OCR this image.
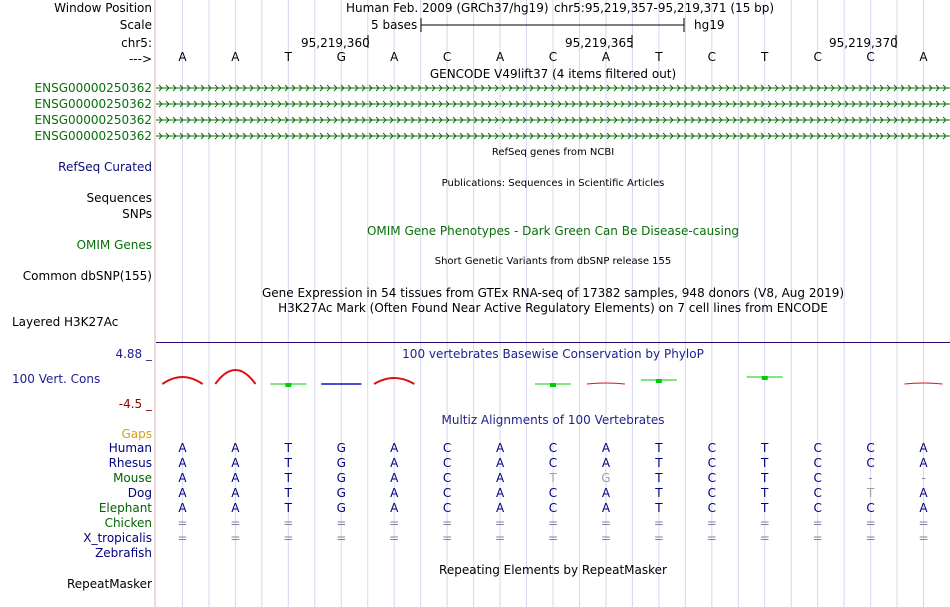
Window Position
Scale
chr5:
--->
ENSG00000250362
ENSG00000250362
ENSG00000250362
ENSG00000250362
RefSeq Curated
Sequences
SNPs
OMIM Genes
Common dbSNP(155)
Layered H3K27Ac
4.88 _
100 Vert. Cons
-4.5 _
Gaps
RepeatMasker
Human Feb. 2009 (GRCh37/hg19) chr5:95,219,357-95,219,371 (15 bp)
5 bases	hg19
95,219,360	95,219,365	95,219,370
A	A	T	G	A	C	A	C	A	T	C	T	C	C	A
GENCODE V49lift37 (4 items filtered out)
RefSeq genes from NCBI
Publications: Sequences in Scientific Articles
OMIM Gene Phenotypes - Dark Green Can Be Disease-causing
Short Genetic Variants from dbSNP release 155
Gene Expression in 54 tissues from GTEx RNA-seq of 17382 samples, 948 donors (V8, Aug 2019)
H3K27Ac Mark (Often Found Near Active Regulatory Elements) on 7 cell lines from ENCODE
100 vertebrates Basewise Conservation by PhyloP
Multiz Alignments of 100 Vertebrates
Human	A	A	T	G	A	C	A	C	A	T	C	T	C	C	A
Rhesus	A	A	T	G	A	C	A	C	A	T	C	T	C	C	A
Mouse	A	A	T	G	A	C	A	T	G	T	C	T	C	-	-
Dog	A	A	T	G	A	C	A	C	A	T	C	T	C	T	A
Elephant	A	A	T	G	A	C	A	C	A	T	C	T	C	C	A
Chicken	=	=	=	=	=	=	=	=	=	=	=	=	=	=	=
X_tropicalis	=	=	=	=	=	=	=	=	=	=	=	=	=	=	=
Zebrafish
Repeating Elements by RepeatMasker
